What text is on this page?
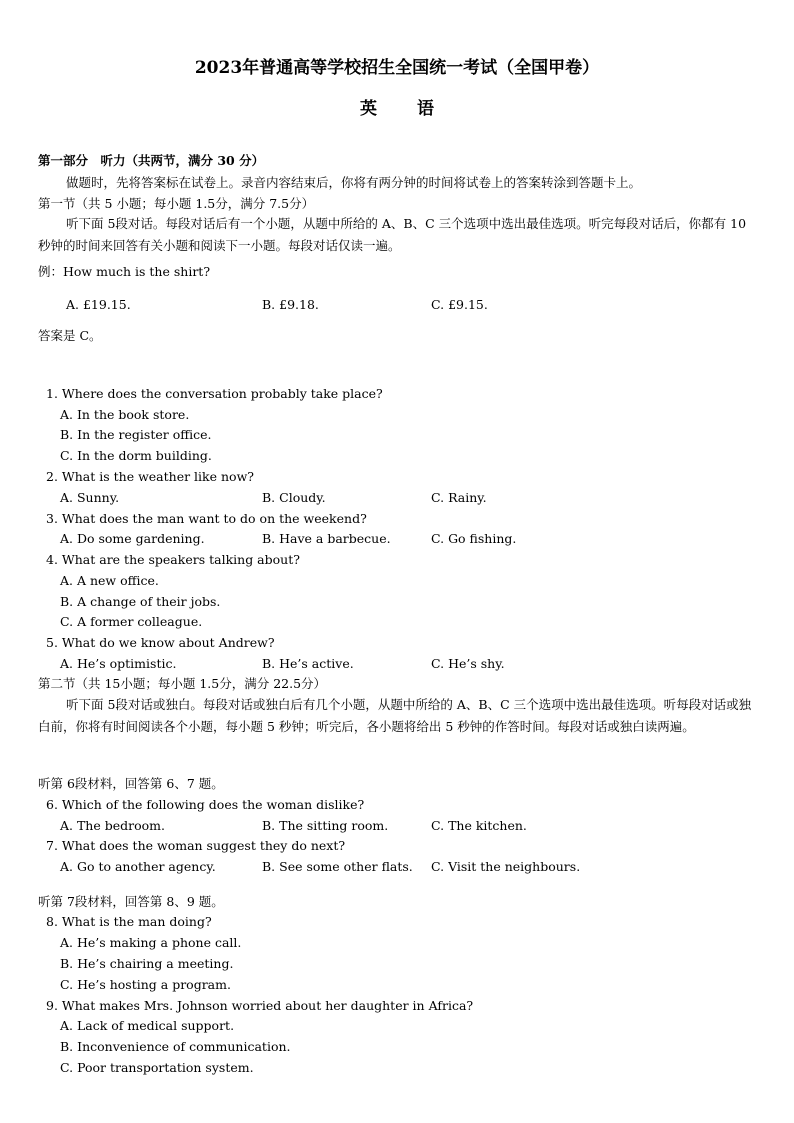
2023年普通高等学校招生全国统一考试（全国甲卷）
英语
第一部分　听力（共两节，满分 30 分）
做题时，先将答案标在试卷上。录音内容结束后，你将有两分钟的时间将试卷上的答案转涂到答题卡上。
第一节（共 5 小题；每小题 1.5分，满分 7.5分）
听下面 5段对话。每段对话后有一个小题，从题中所给的 A、B、C 三个选项中选出最佳选项。听完每段对话后，你都有 10 秒钟的时间来回答有关小题和阅读下一小题。每段对话仅读一遍。
例：How much is the shirt?
A. £19.15.	B. £9.18.	C. £9.15.
答案是 C。
1. Where does the conversation probably take place?
A. In the book store.
B. In the register office.
C. In the dorm building.
2. What is the weather like now?
A. Sunny.	B. Cloudy.	C. Rainy.
3. What does the man want to do on the weekend?
A. Do some gardening.	B. Have a barbecue.	C. Go fishing.
4. What are the speakers talking about?
A. A new office.
B. A change of their jobs.
C. A former colleague.
5. What do we know about Andrew?
A. He’s optimistic.	B. He’s active.	C. He’s shy.
第二节（共 15小题；每小题 1.5分，满分 22.5分）
听下面 5段对话或独白。每段对话或独白后有几个小题，从题中所给的 A、B、C 三个选项中选出最佳选项。听每段对话或独白前，你将有时间阅读各个小题，每小题 5 秒钟；听完后，各小题将给出 5 秒钟的作答时间。每段对话或独白读两遍。
听第 6段材料，回答第 6、7 题。
6. Which of the following does the woman dislike?
A. The bedroom.	B. The sitting room.	C. The kitchen.
7. What does the woman suggest they do next?
A. Go to another agency.	B. See some other flats. C. Visit the neighbours.
听第 7段材料，回答第 8、9 题。
8. What is the man doing?
A. He’s making a phone call.
B. He’s chairing a meeting.
C. He’s hosting a program.
9. What makes Mrs. Johnson worried about her daughter in Africa?
A. Lack of medical support.
B. Inconvenience of communication.
C. Poor transportation system.
